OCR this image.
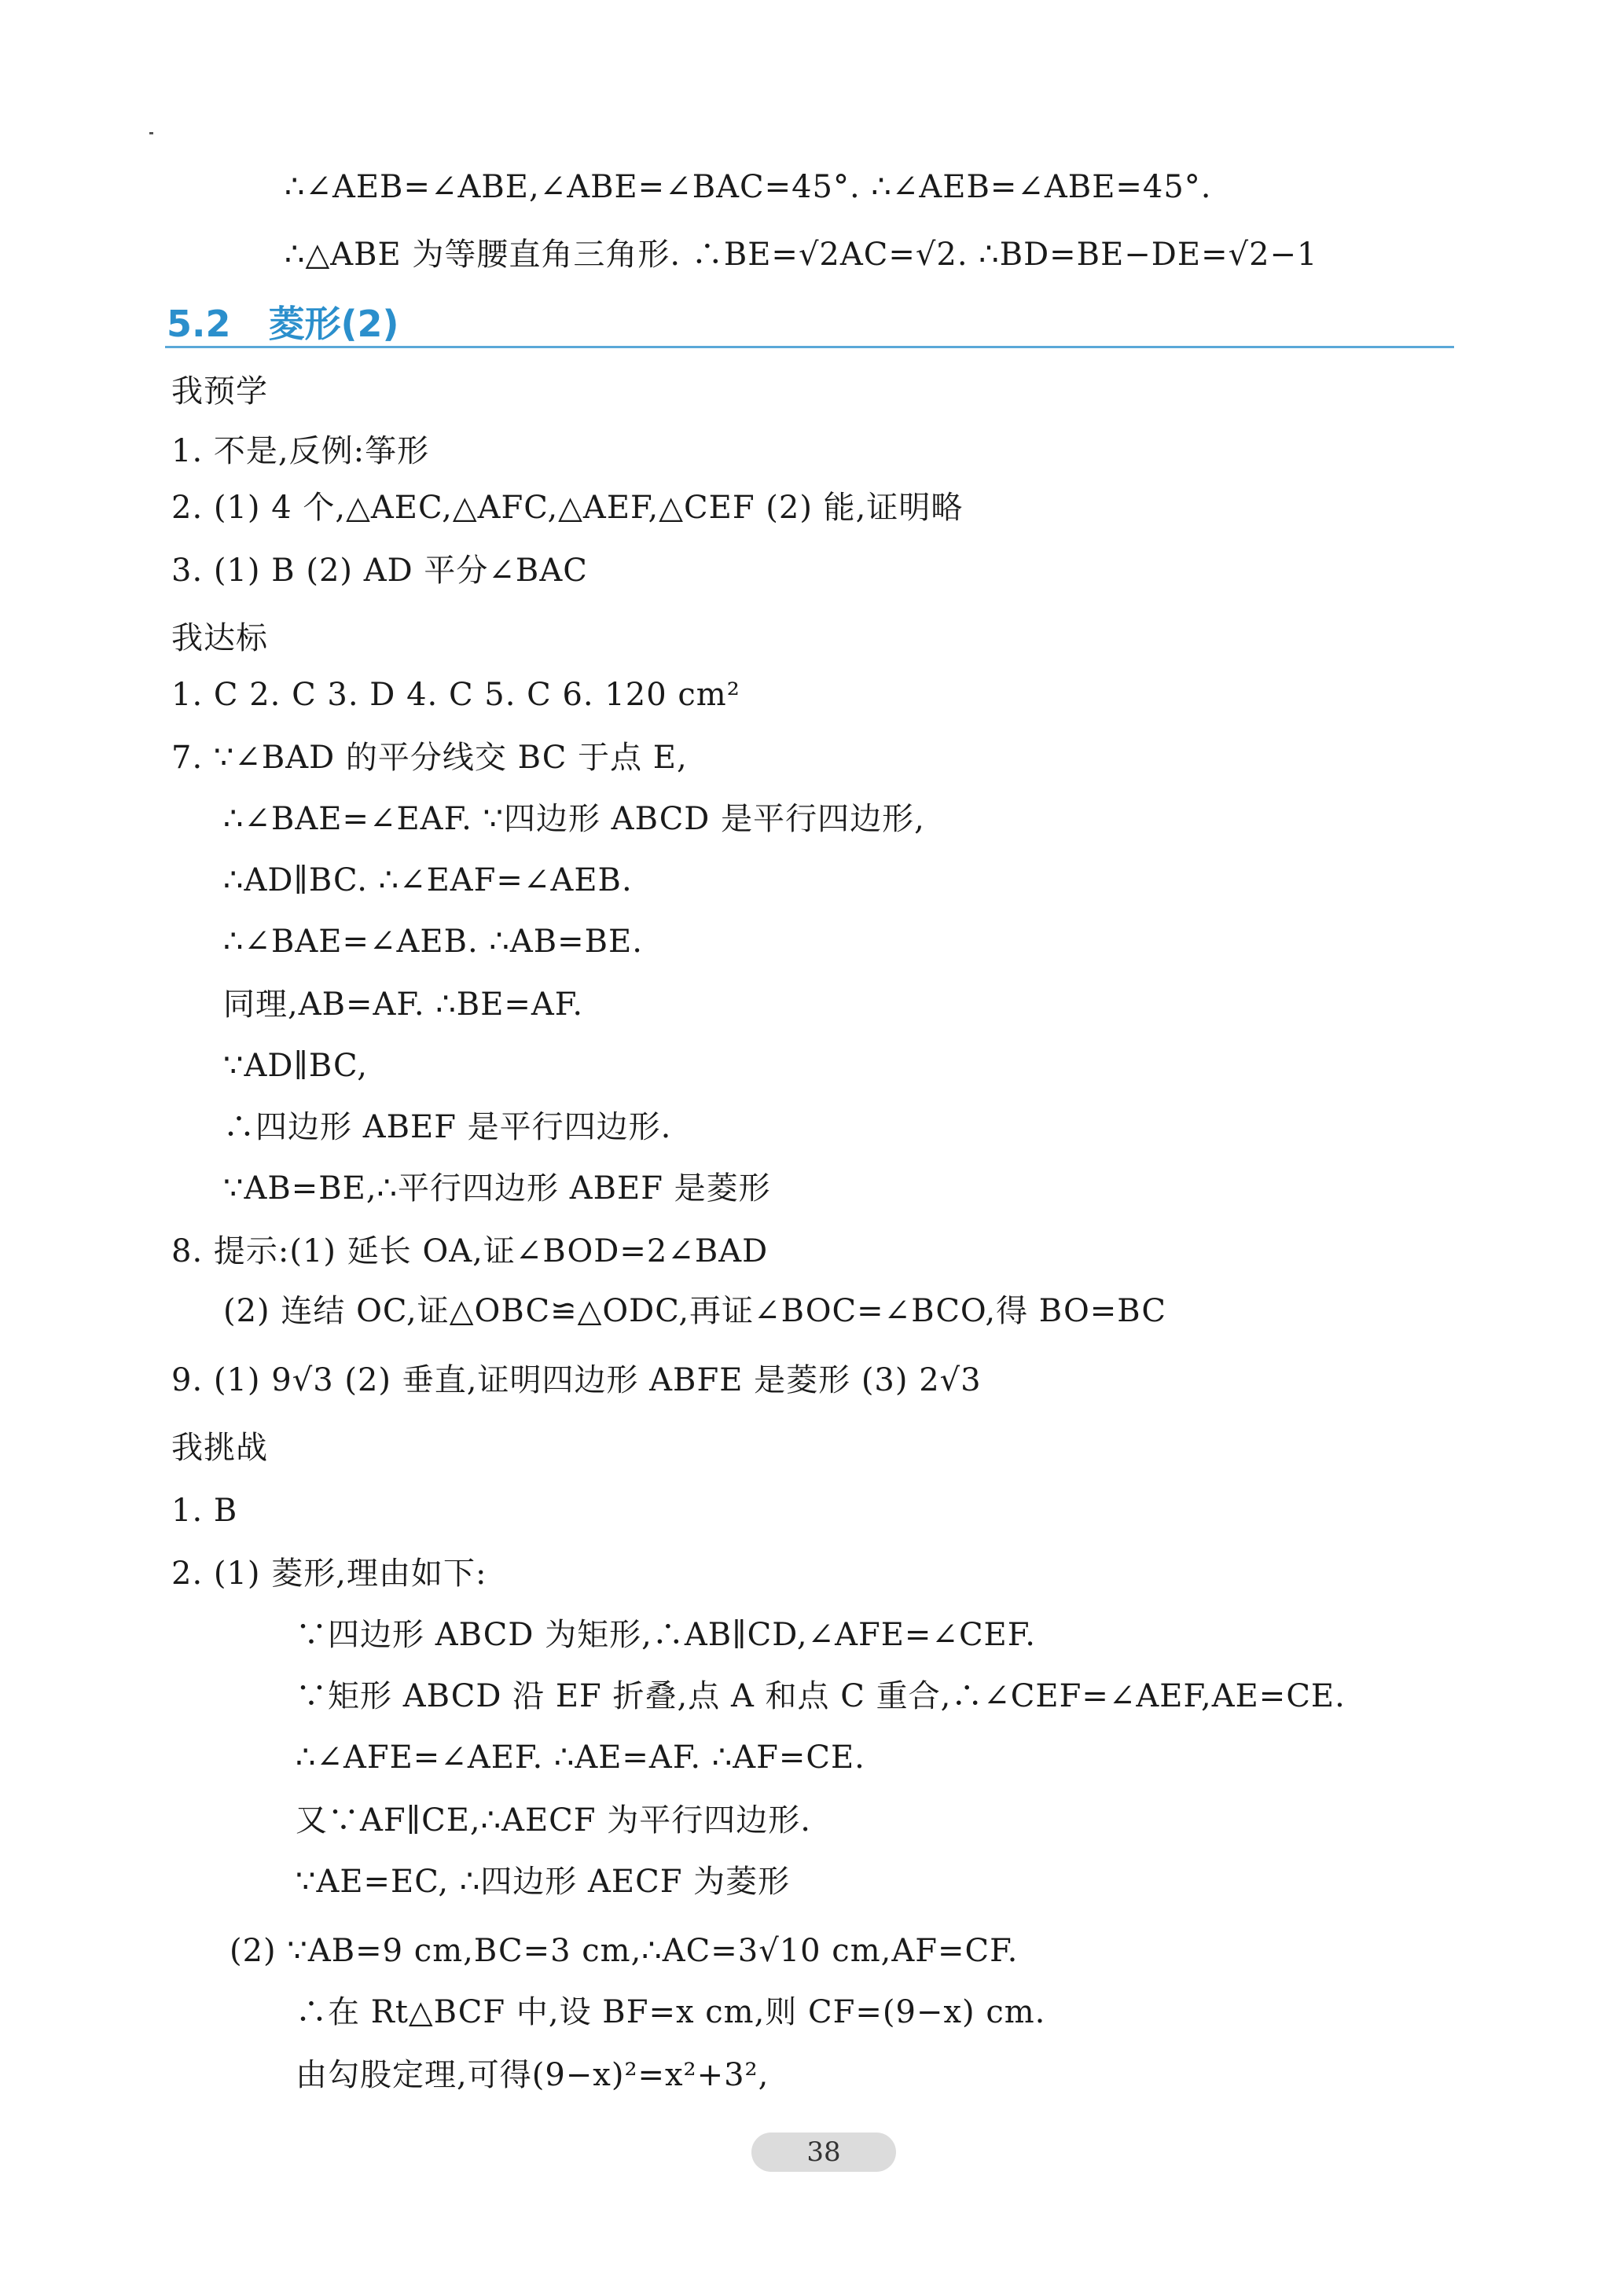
∴∠AEB=∠ABE,∠ABE=∠BAC=45°. ∴∠AEB=∠ABE=45°.
∴△ABE 为等腰直角三角形. ∴BE=√2AC=√2. ∴BD=BE−DE=√2−1
5.2 菱形(2)
我预学
1. 不是,反例:筝形
2. (1) 4 个,△AEC,△AFC,△AEF,△CEF (2) 能,证明略
3. (1) B (2) AD 平分∠BAC
我达标
1. C 2. C 3. D 4. C 5. C 6. 120 cm²
7. ∵∠BAD 的平分线交 BC 于点 E,
∴∠BAE=∠EAF. ∵四边形 ABCD 是平行四边形,
∴AD∥BC. ∴∠EAF=∠AEB.
∴∠BAE=∠AEB. ∴AB=BE.
同理,AB=AF. ∴BE=AF.
∵AD∥BC,
∴四边形 ABEF 是平行四边形.
∵AB=BE,∴平行四边形 ABEF 是菱形
8. 提示:(1) 延长 OA,证∠BOD=2∠BAD
(2) 连结 OC,证△OBC≌△ODC,再证∠BOC=∠BCO,得 BO=BC
9. (1) 9√3 (2) 垂直,证明四边形 ABFE 是菱形 (3) 2√3
我挑战
1. B
2. (1) 菱形,理由如下:
∵四边形 ABCD 为矩形,∴AB∥CD,∠AFE=∠CEF.
∵矩形 ABCD 沿 EF 折叠,点 A 和点 C 重合,∴∠CEF=∠AEF,AE=CE.
∴∠AFE=∠AEF. ∴AE=AF. ∴AF=CE.
又∵AF∥CE,∴AECF 为平行四边形.
∵AE=EC, ∴四边形 AECF 为菱形
(2) ∵AB=9 cm,BC=3 cm,∴AC=3√10 cm,AF=CF.
∴在 Rt△BCF 中,设 BF=x cm,则 CF=(9−x) cm.
由勾股定理,可得(9−x)²=x²+3²,
38
